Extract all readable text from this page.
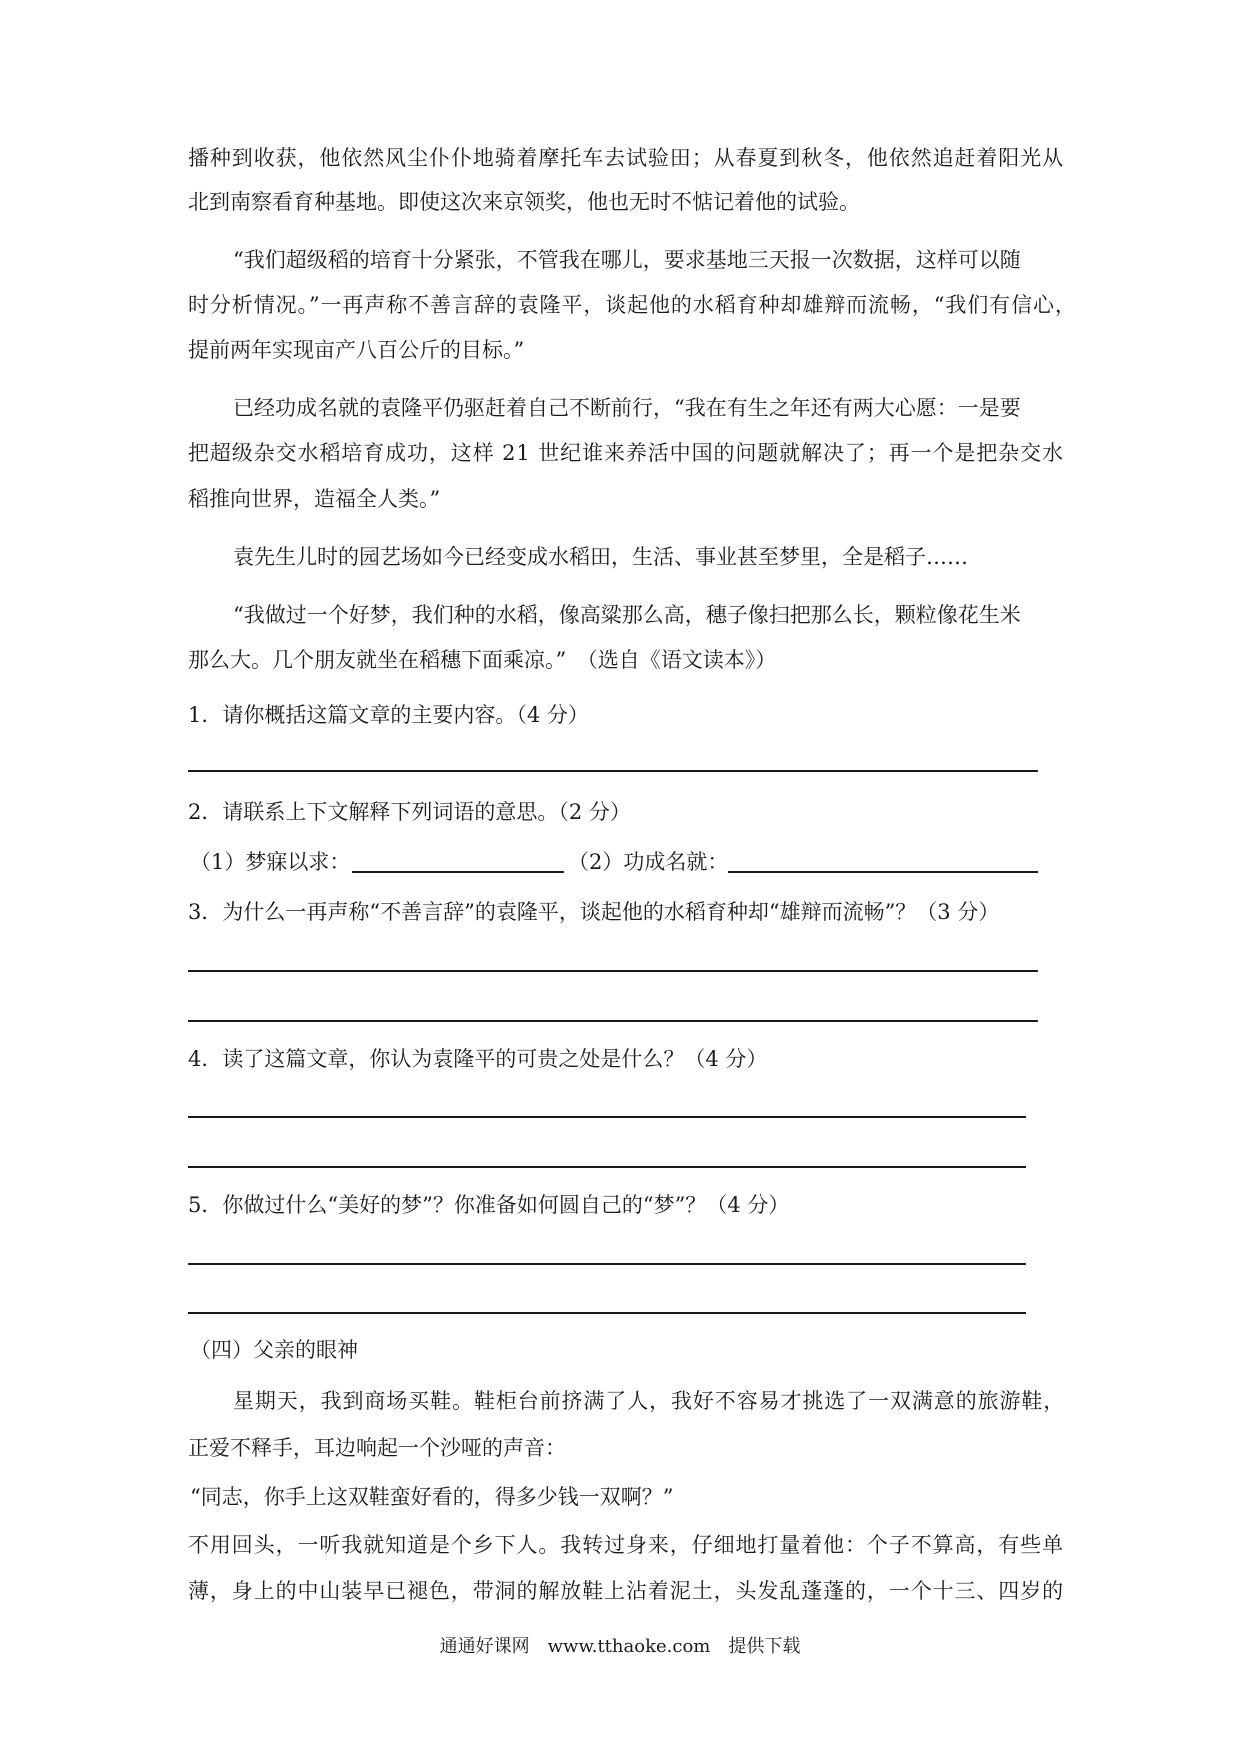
播种到收获，他依然风尘仆仆地骑着摩托车去试验田；从春夏到秋冬，他依然追赶着阳光从
北到南察看育种基地。即使这次来京领奖，他也无时不惦记着他的试验。
“我们超级稻的培育十分紧张，不管我在哪儿，要求基地三天报一次数据，这样可以随
时分析情况。”一再声称不善言辞的袁隆平，谈起他的水稻育种却雄辩而流畅，“我们有信心，
提前两年实现亩产八百公斤的目标。”
已经功成名就的袁隆平仍驱赶着自己不断前行，“我在有生之年还有两大心愿：一是要
把超级杂交水稻培育成功，这样 21 世纪谁来养活中国的问题就解决了；再一个是把杂交水
稻推向世界，造福全人类。”
袁先生儿时的园艺场如今已经变成水稻田，生活、事业甚至梦里，全是稻子……
“我做过一个好梦，我们种的水稻，像高粱那么高，穗子像扫把那么长，颗粒像花生米
那么大。几个朋友就坐在稻穗下面乘凉。”　（选自《语文读本》）
1．请你概括这篇文章的主要内容。（4 分）
2．请联系上下文解释下列词语的意思。（2 分）
（1）梦寐以求：	（2）功成名就：
3．为什么一再声称“不善言辞”的袁隆平，谈起他的水稻育种却“雄辩而流畅”？（3 分）
4．读了这篇文章，你认为袁隆平的可贵之处是什么？（4 分）
5．你做过什么“美好的梦”？你准备如何圆自己的“梦”？（4 分）
（四）父亲的眼神
星期天，我到商场买鞋。鞋柜台前挤满了人，我好不容易才挑选了一双满意的旅游鞋，
正爱不释手，耳边响起一个沙哑的声音：
“同志，你手上这双鞋蛮好看的，得多少钱一双啊？”
不用回头，一听我就知道是个乡下人。我转过身来，仔细地打量着他：个子不算高，有些单
薄，身上的中山装早已褪色，带洞的解放鞋上沾着泥土，头发乱蓬蓬的，一个十三、四岁的
通通好课网　www.tthaoke.com　提供下载
